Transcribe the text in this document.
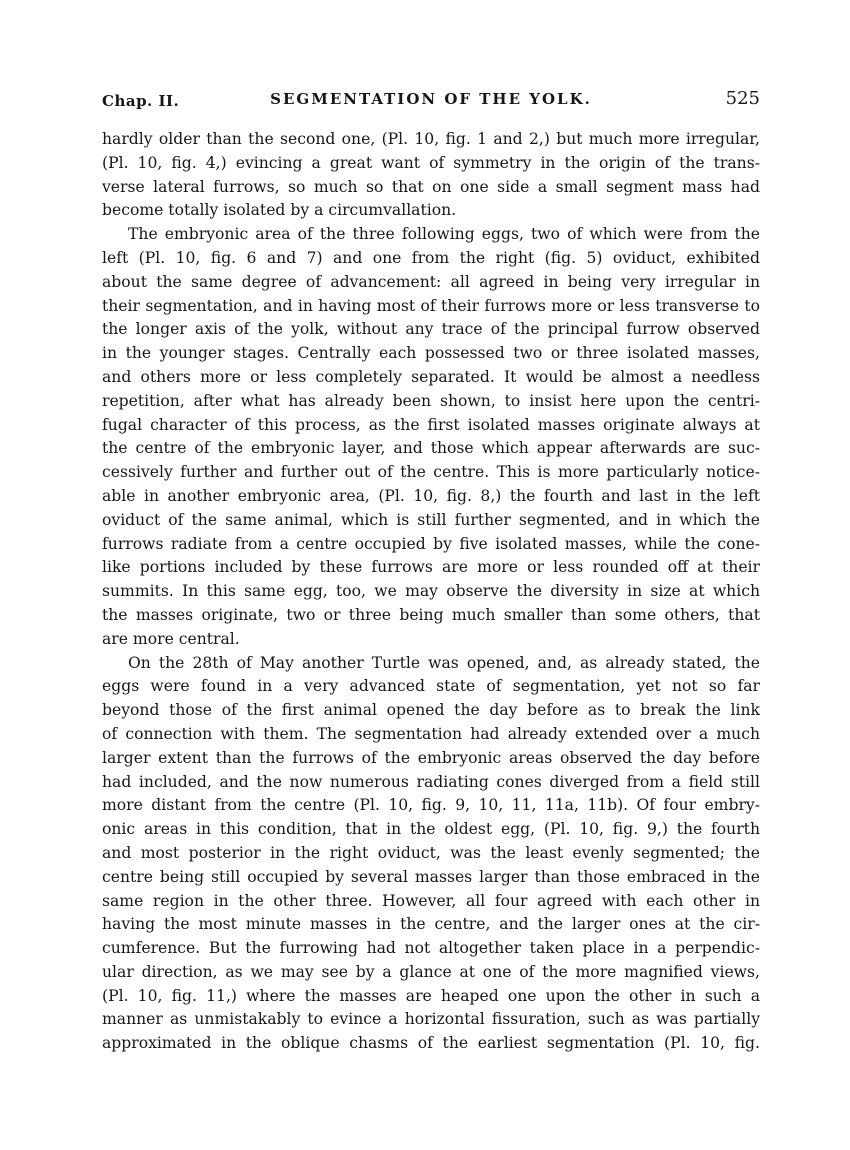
Chap. II.	SEGMENTATION OF THE YOLK.	525
hardly older than the second one, (Pl. 10, fig. 1 and 2,) but much more irregular,
(Pl. 10, fig. 4,) evincing a great want of symmetry in the origin of the trans-
verse lateral furrows, so much so that on one side a small segment mass had
become totally isolated by a circumvallation.
The embryonic area of the three following eggs, two of which were from the
left (Pl. 10, fig. 6 and 7) and one from the right (fig. 5) oviduct, exhibited
about the same degree of advancement: all agreed in being very irregular in
their segmentation, and in having most of their furrows more or less transverse to
the longer axis of the yolk, without any trace of the principal furrow observed
in the younger stages. Centrally each possessed two or three isolated masses,
and others more or less completely separated. It would be almost a needless
repetition, after what has already been shown, to insist here upon the centri-
fugal character of this process, as the first isolated masses originate always at
the centre of the embryonic layer, and those which appear afterwards are suc-
cessively further and further out of the centre. This is more particularly notice-
able in another embryonic area, (Pl. 10, fig. 8,) the fourth and last in the left
oviduct of the same animal, which is still further segmented, and in which the
furrows radiate from a centre occupied by five isolated masses, while the cone-
like portions included by these furrows are more or less rounded off at their
summits. In this same egg, too, we may observe the diversity in size at which
the masses originate, two or three being much smaller than some others, that
are more central.
On the 28th of May another Turtle was opened, and, as already stated, the
eggs were found in a very advanced state of segmentation, yet not so far
beyond those of the first animal opened the day before as to break the link
of connection with them. The segmentation had already extended over a much
larger extent than the furrows of the embryonic areas observed the day before
had included, and the now numerous radiating cones diverged from a field still
more distant from the centre (Pl. 10, fig. 9, 10, 11, 11a, 11b). Of four embry-
onic areas in this condition, that in the oldest egg, (Pl. 10, fig. 9,) the fourth
and most posterior in the right oviduct, was the least evenly segmented; the
centre being still occupied by several masses larger than those embraced in the
same region in the other three. However, all four agreed with each other in
having the most minute masses in the centre, and the larger ones at the cir-
cumference. But the furrowing had not altogether taken place in a perpendic-
ular direction, as we may see by a glance at one of the more magnified views,
(Pl. 10, fig. 11,) where the masses are heaped one upon the other in such a
manner as unmistakably to evince a horizontal fissuration, such as was partially
approximated in the oblique chasms of the earliest segmentation (Pl. 10, fig.
